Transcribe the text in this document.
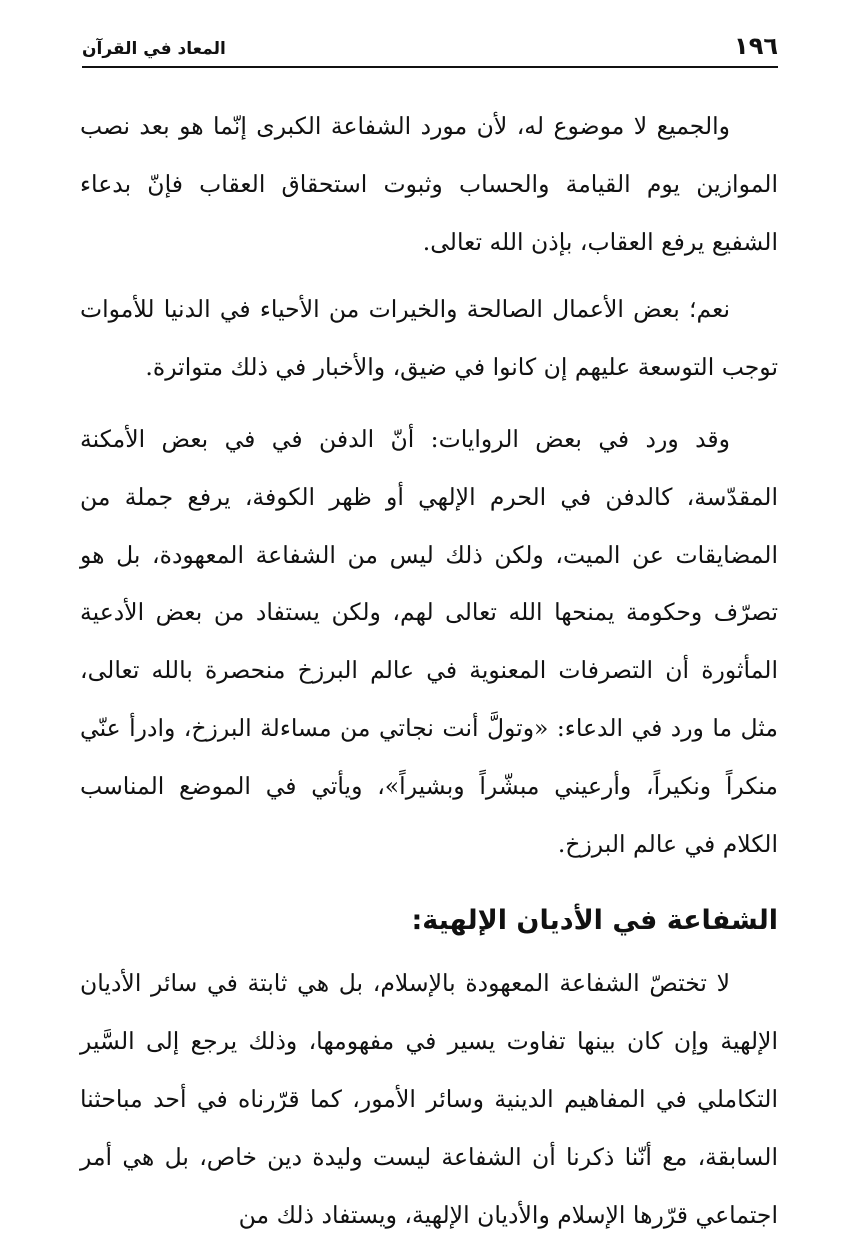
١٩٦
المعاد في القرآن

والجميع لا موضوع له، لأن مورد الشفاعة الكبرى إنّما هو بعد نصب الموازين يوم القيامة والحساب وثبوت استحقاق العقاب فإنّ بدعاء الشفيع يرفع العقاب، بإذن الله تعالى.

نعم؛ بعض الأعمال الصالحة والخيرات من الأحياء في الدنيا للأموات توجب التوسعة عليهم إن كانوا في ضيق، والأخبار في ذلك متواترة.

وقد ورد في بعض الروايات: أنّ الدفن في في بعض الأمكنة المقدّسة، كالدفن في الحرم الإلهي أو ظهر الكوفة، يرفع جملة من المضايقات عن الميت، ولكن ذلك ليس من الشفاعة المعهودة، بل هو تصرّف وحكومة يمنحها الله تعالى لهم، ولكن يستفاد من بعض الأدعية المأثورة أن التصرفات المعنوية في عالم البرزخ منحصرة بالله تعالى، مثل ما ورد في الدعاء: «وتولَّ أنت نجاتي من مساءلة البرزخ، وادرأ عنّي منكراً ونكيراً، وأرعيني مبشّراً وبشيراً»، ويأتي في الموضع المناسب الكلام في عالم البرزخ.

الشفاعة في الأديان الإلهية:

لا تختصّ الشفاعة المعهودة بالإسلام، بل هي ثابتة في سائر الأديان الإلهية وإن كان بينها تفاوت يسير في مفهومها، وذلك يرجع إلى السَّير التكاملي في المفاهيم الدينية وسائر الأمور، كما قرّرناه في أحد مباحثنا السابقة، مع أنّنا ذكرنا أن الشفاعة ليست وليدة دين خاص، بل هي أمر اجتماعي قرّرها الإسلام والأديان الإلهية، ويستفاد ذلك من
